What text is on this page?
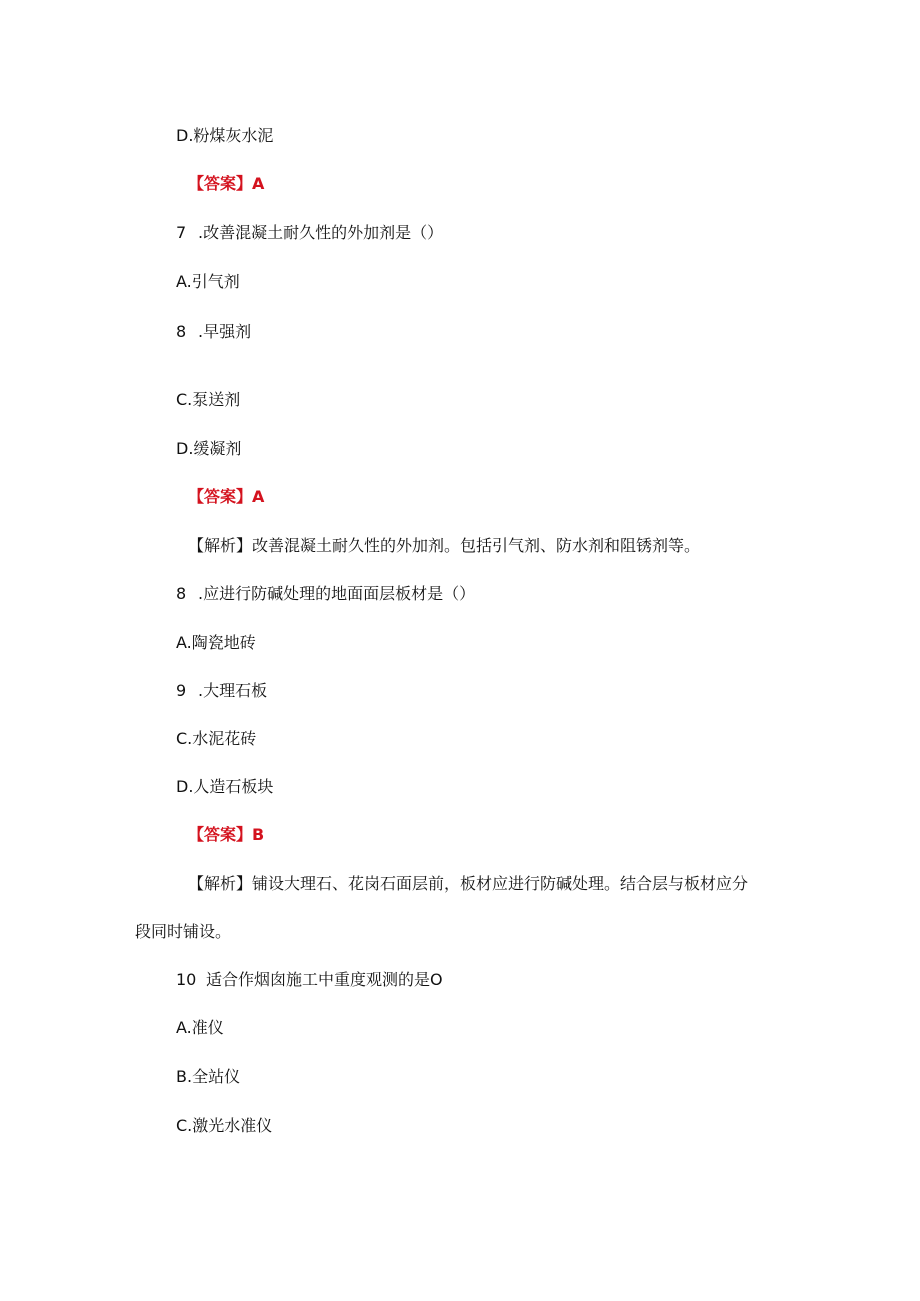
D.粉煤灰水泥
【答案】A
7 .改善混凝土耐久性的外加剂是（）
A.引气剂
8 .早强剂
C.泵送剂
D.缓凝剂
【答案】A
【解析】改善混凝土耐久性的外加剂。包括引气剂、防水剂和阻锈剂等。
8 .应进行防碱处理的地面面层板材是（）
A.陶瓷地砖
9 .大理石板
C.水泥花砖
D.人造石板块
【答案】B
【解析】铺设大理石、花岗石面层前，板材应进行防碱处理。结合层与板材应分
段同时铺设。
10 适合作烟囱施工中重度观测的是O
A.准仪
B.全站仪
C.激光水准仪
